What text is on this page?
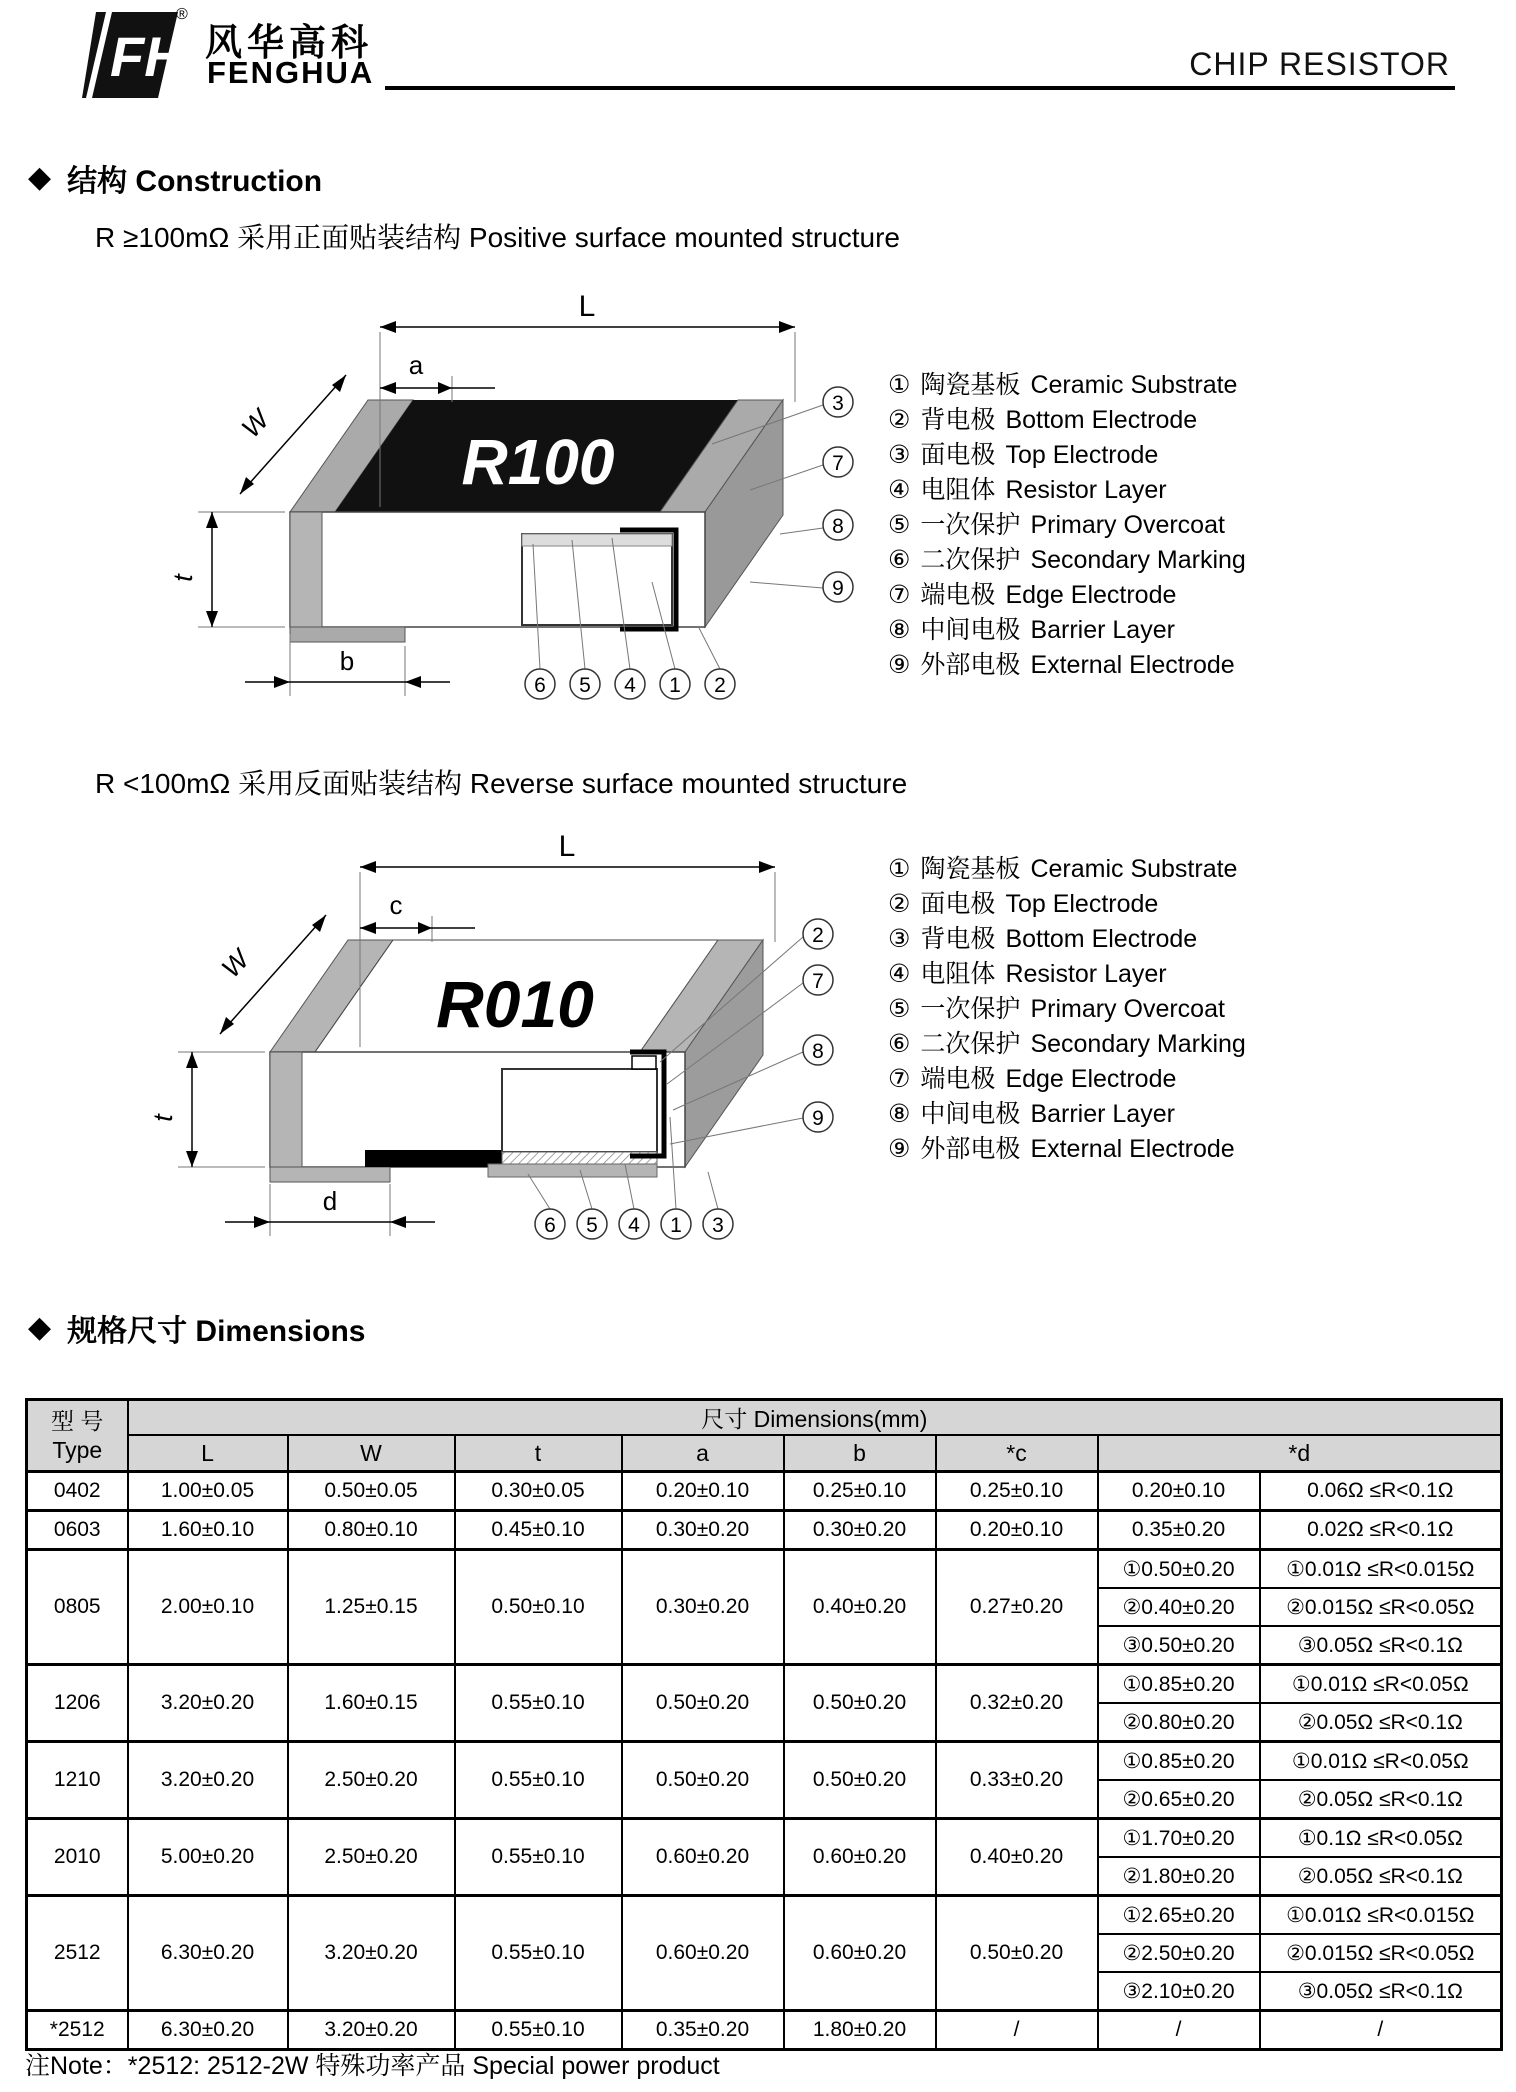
FH
®
风华高科
FENGHUA	CHIP RESISTOR
◆ 结构 Construction
R ≥100mΩ 采用正面贴装结构 Positive surface mounted structure
R100
L
a
W
t
b
3
7
8
9
6 5 4 1 2
① 陶瓷基板 Ceramic Substrate
② 背电极 Bottom Electrode
③ 面电极 Top Electrode
④ 电阻体 Resistor Layer
⑤ 一次保护 Primary Overcoat
⑥ 二次保护 Secondary Marking
⑦ 端电极 Edge Electrode
⑧ 中间电极 Barrier Layer
⑨ 外部电极 External Electrode
R <100mΩ 采用反面贴装结构 Reverse surface mounted structure
R010
L
c
W
t
d
2
7
8
9
6 5 4 1 3
① 陶瓷基板 Ceramic Substrate
② 面电极 Top Electrode
③ 背电极 Bottom Electrode
④ 电阻体 Resistor Layer
⑤ 一次保护 Primary Overcoat
⑥ 二次保护 Secondary Marking
⑦ 端电极 Edge Electrode
⑧ 中间电极 Barrier Layer
⑨ 外部电极 External Electrode
◆ 规格尺寸 Dimensions
型 号
Type	尺寸 Dimensions(mm)							
	L	W	t	a	b	*c	*d	
0402	1.00±0.05	0.50±0.05	0.30±0.05	0.20±0.10	0.25±0.10	0.25±0.10	0.20±0.10	0.06Ω ≤R<0.1Ω
0603	1.60±0.10	0.80±0.10	0.45±0.10	0.30±0.20	0.30±0.20	0.20±0.10	0.35±0.20	0.02Ω ≤R<0.1Ω
0805	2.00±0.10	1.25±0.15	0.50±0.10	0.30±0.20	0.40±0.20	0.27±0.20	①0.50±0.20	①0.01Ω ≤R<0.015Ω
							②0.40±0.20	②0.015Ω ≤R<0.05Ω
							③0.50±0.20	③0.05Ω ≤R<0.1Ω
1206	3.20±0.20	1.60±0.15	0.55±0.10	0.50±0.20	0.50±0.20	0.32±0.20	①0.85±0.20	①0.01Ω ≤R<0.05Ω
							②0.80±0.20	②0.05Ω ≤R<0.1Ω
1210	3.20±0.20	2.50±0.20	0.55±0.10	0.50±0.20	0.50±0.20	0.33±0.20	①0.85±0.20	①0.01Ω ≤R<0.05Ω
							②0.65±0.20	②0.05Ω ≤R<0.1Ω
2010	5.00±0.20	2.50±0.20	0.55±0.10	0.60±0.20	0.60±0.20	0.40±0.20	①1.70±0.20	①0.1Ω ≤R<0.05Ω
							②1.80±0.20	②0.05Ω ≤R<0.1Ω
2512	6.30±0.20	3.20±0.20	0.55±0.10	0.60±0.20	0.60±0.20	0.50±0.20	①2.65±0.20	①0.01Ω ≤R<0.015Ω
							②2.50±0.20	②0.015Ω ≤R<0.05Ω
							③2.10±0.20	③0.05Ω ≤R<0.1Ω
*2512	6.30±0.20	3.20±0.20	0.55±0.10	0.35±0.20	1.80±0.20	/	/	/
注Note：*2512: 2512-2W 特殊功率产品 Special power product
